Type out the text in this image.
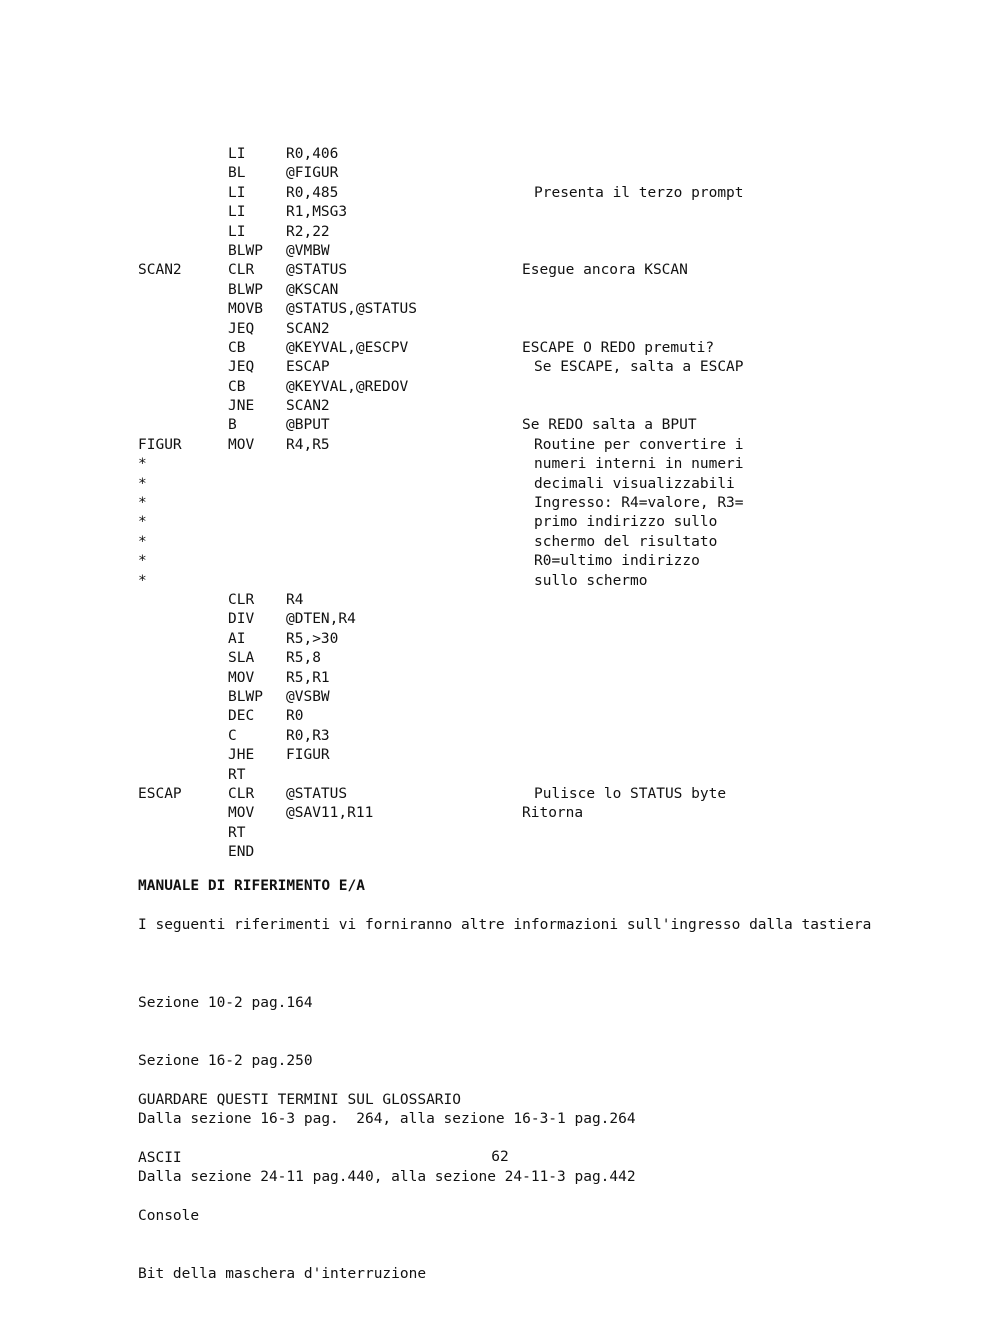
LI	R0,406
BL	@FIGUR
LI	R0,485	Presenta il terzo prompt
LI	R1,MSG3
LI	R2,22
BLWP @VMBW
SCAN2	CLR @STATUS	Esegue ancora KSCAN
BLWP @KSCAN
MOVB @STATUS,@STATUS
JEQ SCAN2
CB	@KEYVAL,@ESCPV	ESCAPE O REDO premuti?
JEQ ESCAP	Se ESCAPE, salta a ESCAP
CB	@KEYVAL,@REDOV
JNE SCAN2
B	@BPUT	Se REDO salta a BPUT
FIGUR	MOV R4,R5	Routine per convertire i
*	numeri interni in numeri
*	decimali visualizzabili
*	Ingresso: R4=valore, R3=
*	primo indirizzo sullo
*	schermo del risultato
*	R0=ultimo indirizzo
*	sullo schermo
CLR R4
DIV @DTEN,R4
AI	R5,>30
SLA R5,8
MOV R5,R1
BLWP @VSBW
DEC R0
C	R0,R3
JHE FIGUR
RT
ESCAP	CLR @STATUS	Pulisce lo STATUS byte
MOV @SAV11,R11	Ritorna
RT
END
MANUALE DI RIFERIMENTO E/A
I seguenti riferimenti vi forniranno altre informazioni sull'ingresso dalla tastiera

Sezione 10-2 pag.164

Sezione 16-2 pag.250

Dalla sezione 16-3 pag.  264, alla sezione 16-3-1 pag.264

Dalla sezione 24-11 pag.440, alla sezione 24-11-3 pag.442

GUARDARE QUESTI TERMINI SUL GLOSSARIO

ASCII

Console

Bit della maschera d'interruzione

62
